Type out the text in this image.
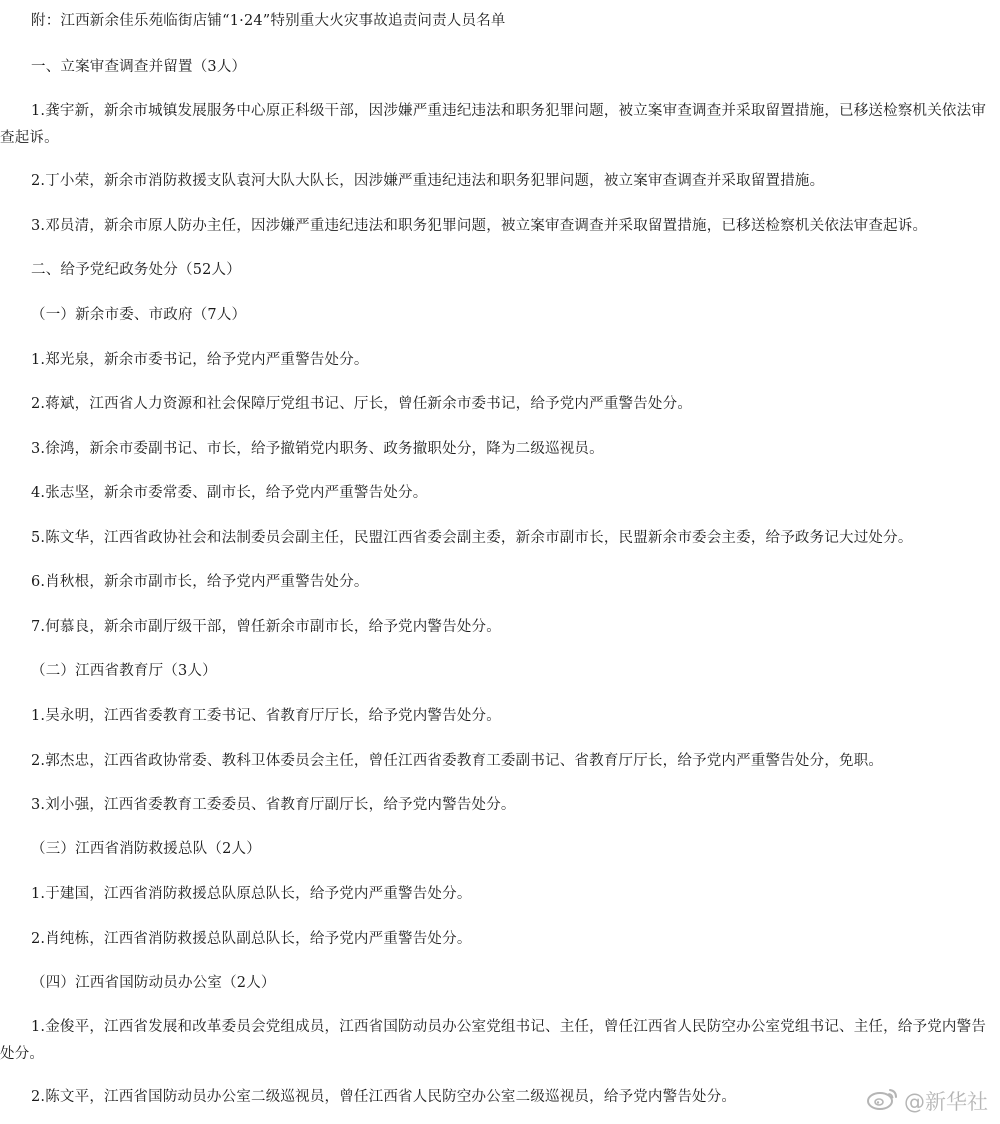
附：江西新余佳乐苑临街店铺“1·24”特别重大火灾事故追责问责人员名单
一、立案审查调查并留置（3人）
1.龚宇新，新余市城镇发展服务中心原正科级干部，因涉嫌严重违纪违法和职务犯罪问题，被立案审查调查并采取留置措施，已移送检察机关依法审查起诉。
2.丁小荣，新余市消防救援支队袁河大队大队长，因涉嫌严重违纪违法和职务犯罪问题，被立案审查调查并采取留置措施。
3.邓员清，新余市原人防办主任，因涉嫌严重违纪违法和职务犯罪问题，被立案审查调查并采取留置措施，已移送检察机关依法审查起诉。
二、给予党纪政务处分（52人）
（一）新余市委、市政府（7人）
1.郑光泉，新余市委书记，给予党内严重警告处分。
2.蒋斌，江西省人力资源和社会保障厅党组书记、厅长，曾任新余市委书记，给予党内严重警告处分。
3.徐鸿，新余市委副书记、市长，给予撤销党内职务、政务撤职处分，降为二级巡视员。
4.张志坚，新余市委常委、副市长，给予党内严重警告处分。
5.陈文华，江西省政协社会和法制委员会副主任，民盟江西省委会副主委，新余市副市长，民盟新余市委会主委，给予政务记大过处分。
6.肖秋根，新余市副市长，给予党内严重警告处分。
7.何慕良，新余市副厅级干部，曾任新余市副市长，给予党内警告处分。
（二）江西省教育厅（3人）
1.吴永明，江西省委教育工委书记、省教育厅厅长，给予党内警告处分。
2.郭杰忠，江西省政协常委、教科卫体委员会主任，曾任江西省委教育工委副书记、省教育厅厅长，给予党内严重警告处分，免职。
3.刘小强，江西省委教育工委委员、省教育厅副厅长，给予党内警告处分。
（三）江西省消防救援总队（2人）
1.于建国，江西省消防救援总队原总队长，给予党内严重警告处分。
2.肖纯栋，江西省消防救援总队副总队长，给予党内严重警告处分。
（四）江西省国防动员办公室（2人）
1.金俊平，江西省发展和改革委员会党组成员，江西省国防动员办公室党组书记、主任，曾任江西省人民防空办公室党组书记、主任，给予党内警告处分。
2.陈文平，江西省国防动员办公室二级巡视员，曾任江西省人民防空办公室二级巡视员，给予党内警告处分。	@新华社
